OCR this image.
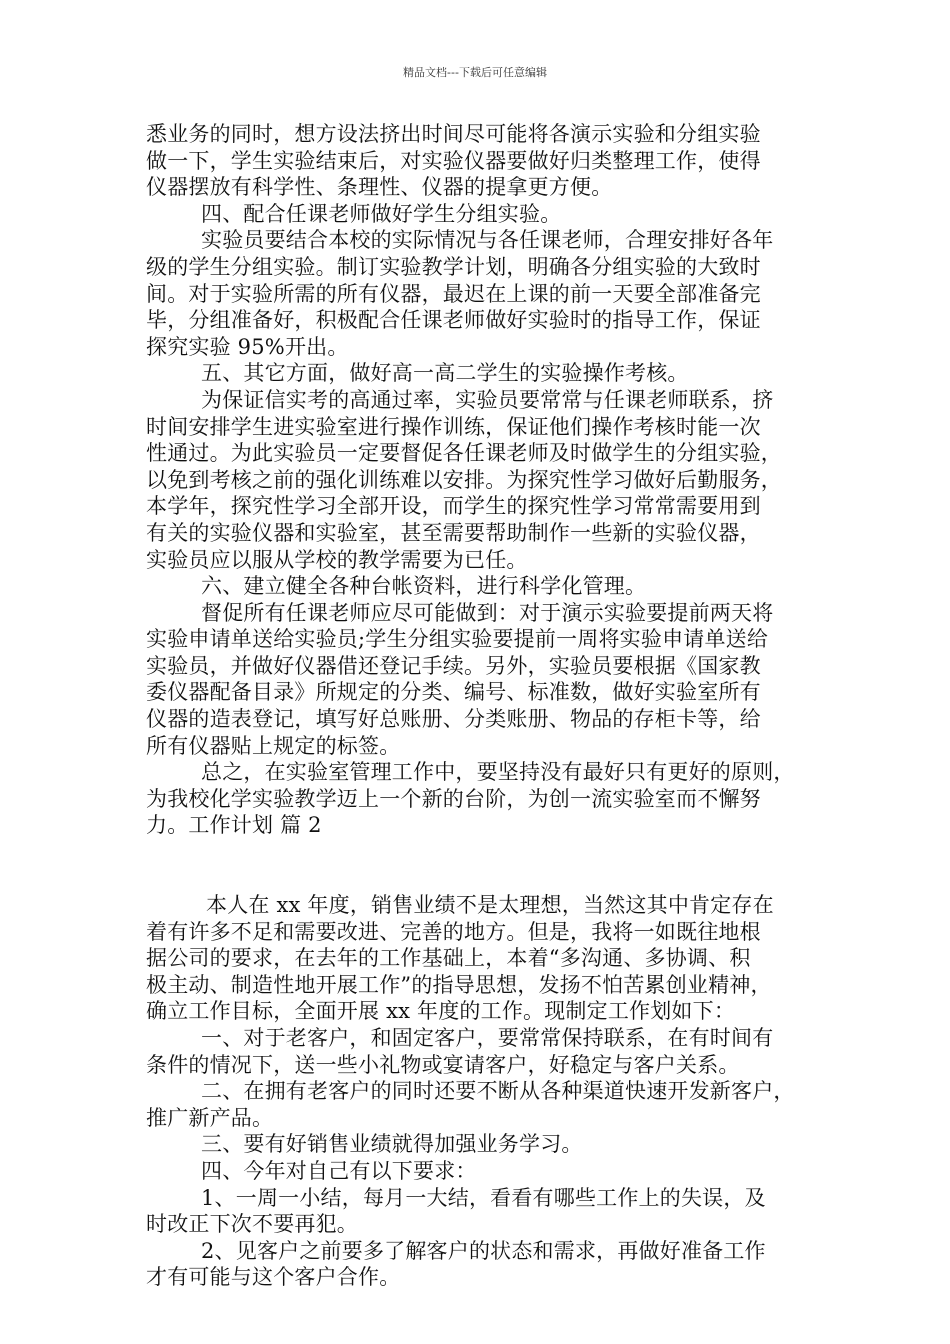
精品文档---下载后可任意编辑
悉业务的同时，想方设法挤出时间尽可能将各演示实验和分组实验
做一下，学生实验结束后，对实验仪器要做好归类整理工作，使得
仪器摆放有科学性、条理性、仪器的提拿更方便。
四、配合任课老师做好学生分组实验。
实验员要结合本校的实际情况与各任课老师，合理安排好各年
级的学生分组实验。制订实验教学计划，明确各分组实验的大致时
间。对于实验所需的所有仪器，最迟在上课的前一天要全部准备完
毕，分组准备好，积极配合任课老师做好实验时的指导工作，保证
探究实验 95%开出。
五、其它方面，做好高一高二学生的实验操作考核。
为保证信实考的高通过率，实验员要常常与任课老师联系，挤
时间安排学生进实验室进行操作训练，保证他们操作考核时能一次
性通过。为此实验员一定要督促各任课老师及时做学生的分组实验，
以免到考核之前的强化训练难以安排。为探究性学习做好后勤服务，
本学年，探究性学习全部开设，而学生的探究性学习常常需要用到
有关的实验仪器和实验室，甚至需要帮助制作一些新的实验仪器，
实验员应以服从学校的教学需要为已任。
六、建立健全各种台帐资料，进行科学化管理。
督促所有任课老师应尽可能做到：对于演示实验要提前两天将
实验申请单送给实验员;学生分组实验要提前一周将实验申请单送给
实验员，并做好仪器借还登记手续。另外，实验员要根据《国家教
委仪器配备目录》所规定的分类、编号、标准数，做好实验室所有
仪器的造表登记，填写好总账册、分类账册、物品的存柜卡等，给
所有仪器贴上规定的标签。
总之，在实验室管理工作中，要坚持没有最好只有更好的原则，
为我校化学实验教学迈上一个新的台阶，为创一流实验室而不懈努
力。工作计划 篇 2
本人在 xx 年度，销售业绩不是太理想，当然这其中肯定存在
着有许多不足和需要改进、完善的地方。但是，我将一如既往地根
据公司的要求，在去年的工作基础上，本着“多沟通、多协调、积
极主动、制造性地开展工作”的指导思想，发扬不怕苦累创业精神，
确立工作目标，全面开展 xx 年度的工作。现制定工作划如下：
一、对于老客户，和固定客户，要常常保持联系，在有时间有
条件的情况下，送一些小礼物或宴请客户，好稳定与客户关系。
二、在拥有老客户的同时还要不断从各种渠道快速开发新客户，
推广新产品。
三、要有好销售业绩就得加强业务学习。
四、今年对自己有以下要求：
1、一周一小结，每月一大结，看看有哪些工作上的失误，及
时改正下次不要再犯。
2、见客户之前要多了解客户的状态和需求，再做好准备工作
才有可能与这个客户合作。
